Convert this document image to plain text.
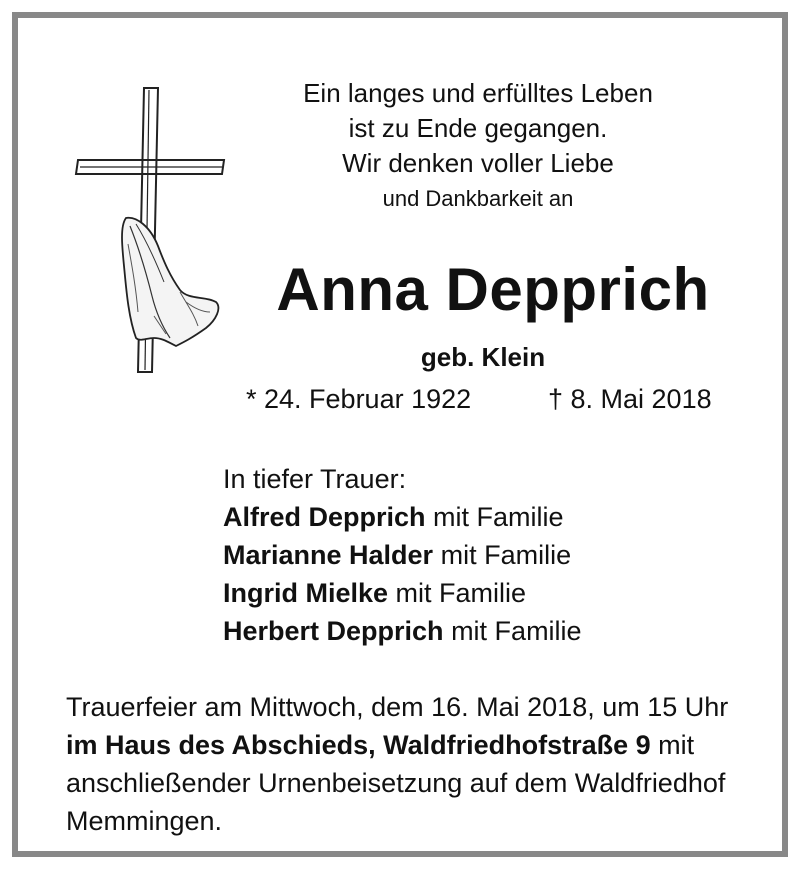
Ein langes und erfülltes Leben
ist zu Ende gegangen.
Wir denken voller Liebe
und Dankbarkeit an
Anna Depprich
geb. Klein
* 24. Februar 1922	† 8. Mai 2018
In tiefer Trauer:
Alfred Depprich mit Familie
Marianne Halder mit Familie
Ingrid Mielke mit Familie
Herbert Depprich mit Familie
Trauerfeier am Mittwoch, dem 16. Mai 2018, um 15 Uhr im Haus des Abschieds, Waldfriedhofstraße 9 mit anschließender Urnenbeisetzung auf dem Waldfriedhof Memmingen.
